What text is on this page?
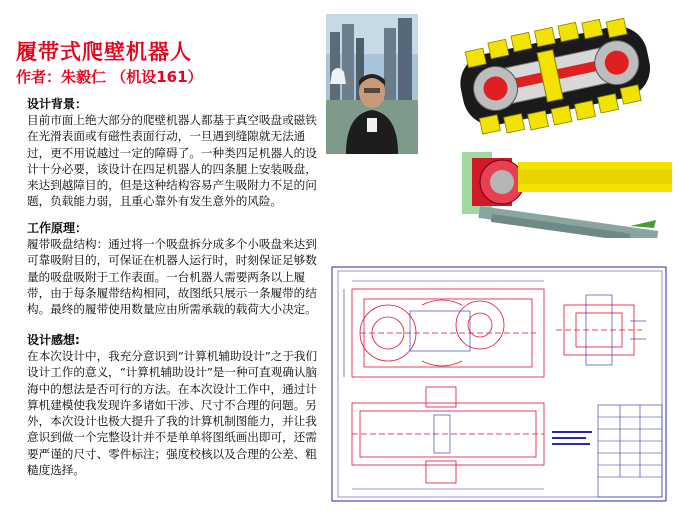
履带式爬壁机器人
作者：朱毅仁 （机设161）
设计背景：
目前市面上绝大部分的爬壁机器人都基于真空吸盘或磁铁在光滑表面或有磁性表面行动，一旦遇到缝隙就无法通过，更不用说越过一定的障碍了。一种类四足机器人的设计十分必要，该设计在四足机器人的四条腿上安装吸盘，来达到越障目的，但是这种结构容易产生吸附力不足的问题，负载能力弱，且重心靠外有发生意外的风险。
工作原理：
履带吸盘结构：通过将一个吸盘拆分成多个小吸盘来达到可靠吸附目的，可保证在机器人运行时，时刻保证足够数量的吸盘吸附于工作表面。一台机器人需要两条以上履带，由于每条履带结构相同，故图纸只展示一条履带的结构。最终的履带使用数量应由所需承载的载荷大小决定。
设计感想:
在本次设计中，我充分意识到“计算机辅助设计”之于我们设计工作的意义，“计算机辅助设计”是一种可直观确认脑海中的想法是否可行的方法。在本次设计工作中，通过计算机建模使我发现许多诸如干涉、尺寸不合理的问题。另外，本次设计也极大提升了我的计算机制图能力，并让我意识到做一个完整设计并不是单单将图纸画出即可，还需要严谨的尺寸、零件标注；强度校核以及合理的公差、粗糙度选择。
